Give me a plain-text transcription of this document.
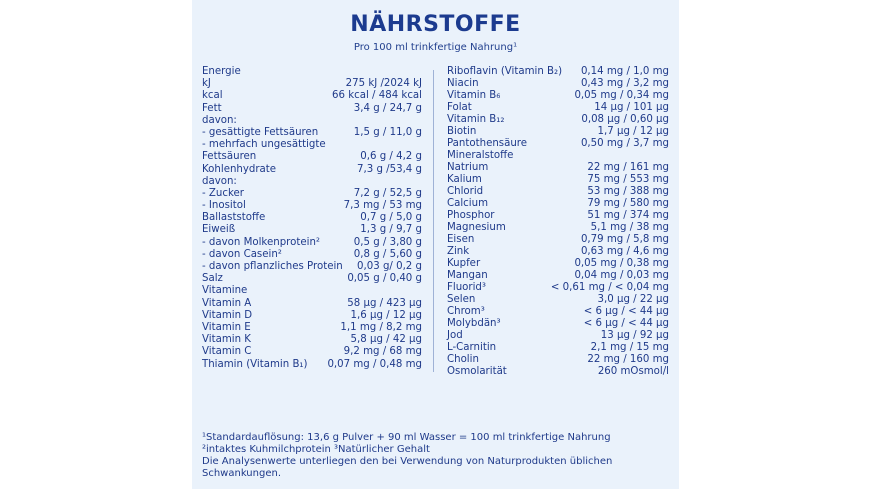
NÄHRSTOFFE
Pro 100 ml trinkfertige Nahrung¹
Energie
kJ	275 kJ /2024 kJ
kcal	66 kcal / 484 kcal
Fett	3,4 g / 24,7 g
davon:
- gesättigte Fettsäuren	1,5 g / 11,0 g
- mehrfach ungesättigte
Fettsäuren	0,6 g / 4,2 g
Kohlenhydrate	7,3 g /53,4 g
davon:
- Zucker	7,2 g / 52,5 g
- Inositol	7,3 mg / 53 mg
Ballaststoffe	0,7 g / 5,0 g
Eiweiß	1,3 g / 9,7 g
- davon Molkenprotein²	0,5 g / 3,80 g
- davon Casein²	0,8 g / 5,60 g
- davon pflanzliches Protein 0,03 g/ 0,2 g
Salz	0,05 g / 0,40 g
Vitamine
Vitamin A	58 µg / 423 µg
Vitamin D	1,6 µg / 12 µg
Vitamin E	1,1 mg / 8,2 mg
Vitamin K	5,8 µg / 42 µg
Vitamin C	9,2 mg / 68 mg
Thiamin (Vitamin B₁) 0,07 mg / 0,48 mg
Riboflavin (Vitamin B₂) 0,14 mg / 1,0 mg
Niacin	0,43 mg / 3,2 mg
Vitamin B₆	0,05 mg / 0,34 mg
Folat	14 µg / 101 µg
Vitamin B₁₂	0,08 µg / 0,60 µg
Biotin	1,7 µg / 12 µg
Pantothensäure	0,50 mg / 3,7 mg
Mineralstoffe
Natrium	22 mg / 161 mg
Kalium	75 mg / 553 mg
Chlorid	53 mg / 388 mg
Calcium	79 mg / 580 mg
Phosphor	51 mg / 374 mg
Magnesium	5,1 mg / 38 mg
Eisen	0,79 mg / 5,8 mg
Zink	0,63 mg / 4,6 mg
Kupfer	0,05 mg / 0,38 mg
Mangan	0,04 mg / 0,03 mg
Fluorid³	< 0,61 mg / < 0,04 mg
Selen	3,0 µg / 22 µg
Chrom³	< 6 µg / < 44 µg
Molybdän³	< 6 µg / < 44 µg
Jod	13 µg / 92 µg
L-Carnitin	2,1 mg / 15 mg
Cholin	22 mg / 160 mg
Osmolarität	260 mOsmol/l
¹Standardauflösung: 13,6 g Pulver + 90 ml Wasser = 100 ml trinkfertige Nahrung
²intaktes Kuhmilchprotein ³Natürlicher Gehalt
Die Analysenwerte unterliegen den bei Verwendung von Naturprodukten üblichen
Schwankungen.
